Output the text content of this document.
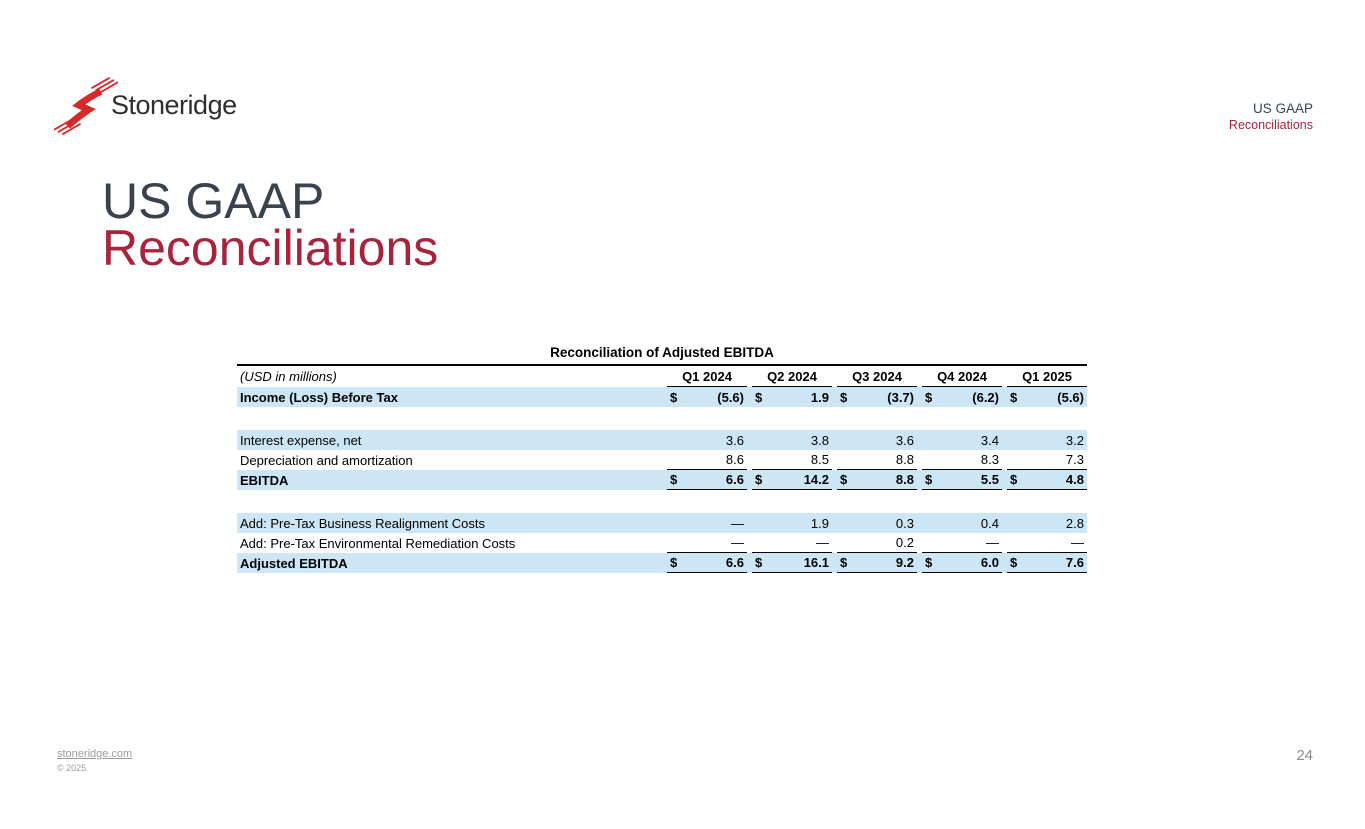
Stoneridge	US GAAP
Reconciliations
US GAAP
Reconciliations
Reconciliation of Adjusted EBITDA
(USD in millions)	Q1 2024	Q2 2024	Q3 2024	Q4 2024	Q1 2025
Income (Loss) Before Tax	$	(5.6) $	1.9 $	(3.7) $	(6.2) $	(5.6)
Interest expense, net	3.6	3.8	3.6	3.4	3.2
Depreciation and amortization	8.6	8.5	8.8	8.3	7.3
EBITDA	$	6.6 $	14.2 $	8.8 $	5.5 $	4.8
Add: Pre-Tax Business Realignment Costs	—	1.9	0.3	0.4	2.8
Add: Pre-Tax Environmental Remediation Costs	—	—	0.2	—	—
Adjusted EBITDA	$	6.6 $	16.1 $	9.2 $	6.0 $	7.6
stoneridge.com
© 2025
24
